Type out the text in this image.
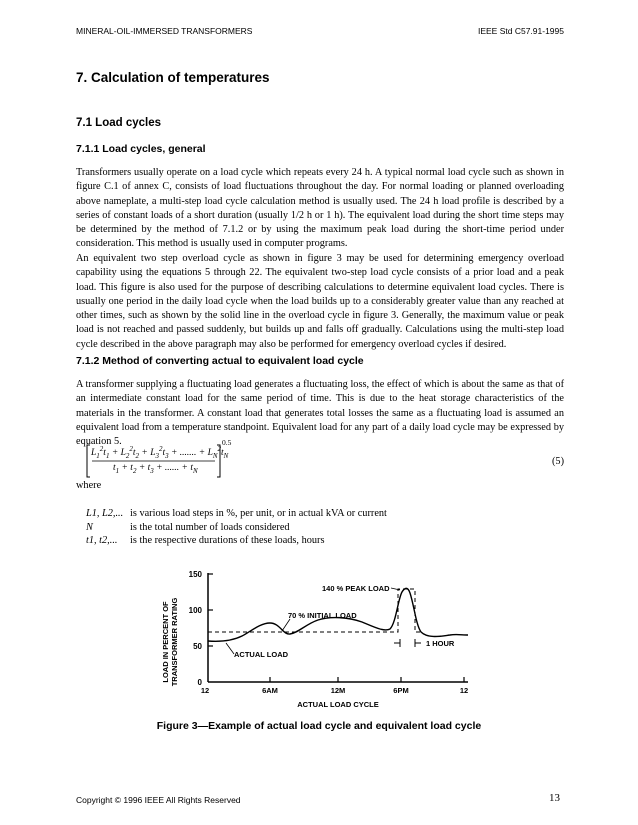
MINERAL-OIL-IMMERSED TRANSFORMERS	IEEE Std C57.91-1995
7. Calculation of temperatures
7.1 Load cycles
7.1.1 Load cycles, general

Transformers usually operate on a load cycle which repeats every 24 h. A typical normal load cycle such as shown in figure C.1 of annex C, consists of load fluctuations throughout the day. For normal loading or planned overloading above nameplate, a multi-step load cycle calculation method is usually used. The 24 h load profile is described by a series of constant loads of a short duration (usually 1/2 h or 1 h). The equivalent load during the short time steps may be determined by the method of 7.1.2 or by using the maximum peak load during the short-time period under consideration. This method is usually used in computer programs.

An equivalent two step overload cycle as shown in figure 3 may be used for determining emergency overload capability using the equations 5 through 22. The equivalent two-step load cycle consists of a prior load and a peak load. This figure is also used for the purpose of describing calculations to determine equivalent load cycles. There is usually one period in the daily load cycle when the load builds up to a considerably greater value than any reached at other times, such as shown by the solid line in the overload cycle in figure 3. Generally, the maximum value or peak load is not reached and passed suddenly, but builds up and falls off gradually. Calculations using the multi-step load cycle described in the above paragraph may also be performed for emergency overload cycles if desired.

7.1.2 Method of converting actual to equivalent load cycle

A transformer supplying a fluctuating load generates a fluctuating loss, the effect of which is about the same as that of an intermediate constant load for the same period of time. This is due to the heat storage characteristics of the materials in the transformer. A constant load that generates total losses the same as a fluctuating load is assumed an equivalent load from a temperature standpoint. Equivalent load for any part of a daily load cycle may be expressed by equation 5.

$L_1^2t_1 + L_2^2t_2 + L_3^2t_3$ + ....... + $L_N^2t_N$
$t_1 + t_2 + t_3$ + ...... + $t_N$
0.5
(5)
where
L1, L2,... is various load steps in %, per unit, or in actual kVA or current
N	is the total number of loads considered
t1, t2,...	is the respective durations of these loads, hours
LOAD IN PERCENT OF TRANSFORMER RATING
150
100
50
0
12	6AM	12M	6PM	12
ACTUAL LOAD CYCLE
1 HOUR
140 % PEAK LOAD
70 % INITIAL LOAD
ACTUAL LOAD
Figure 3—Example of actual load cycle and equivalent load cycle
Copyright © 1996 IEEE All Rights Reserved	13
